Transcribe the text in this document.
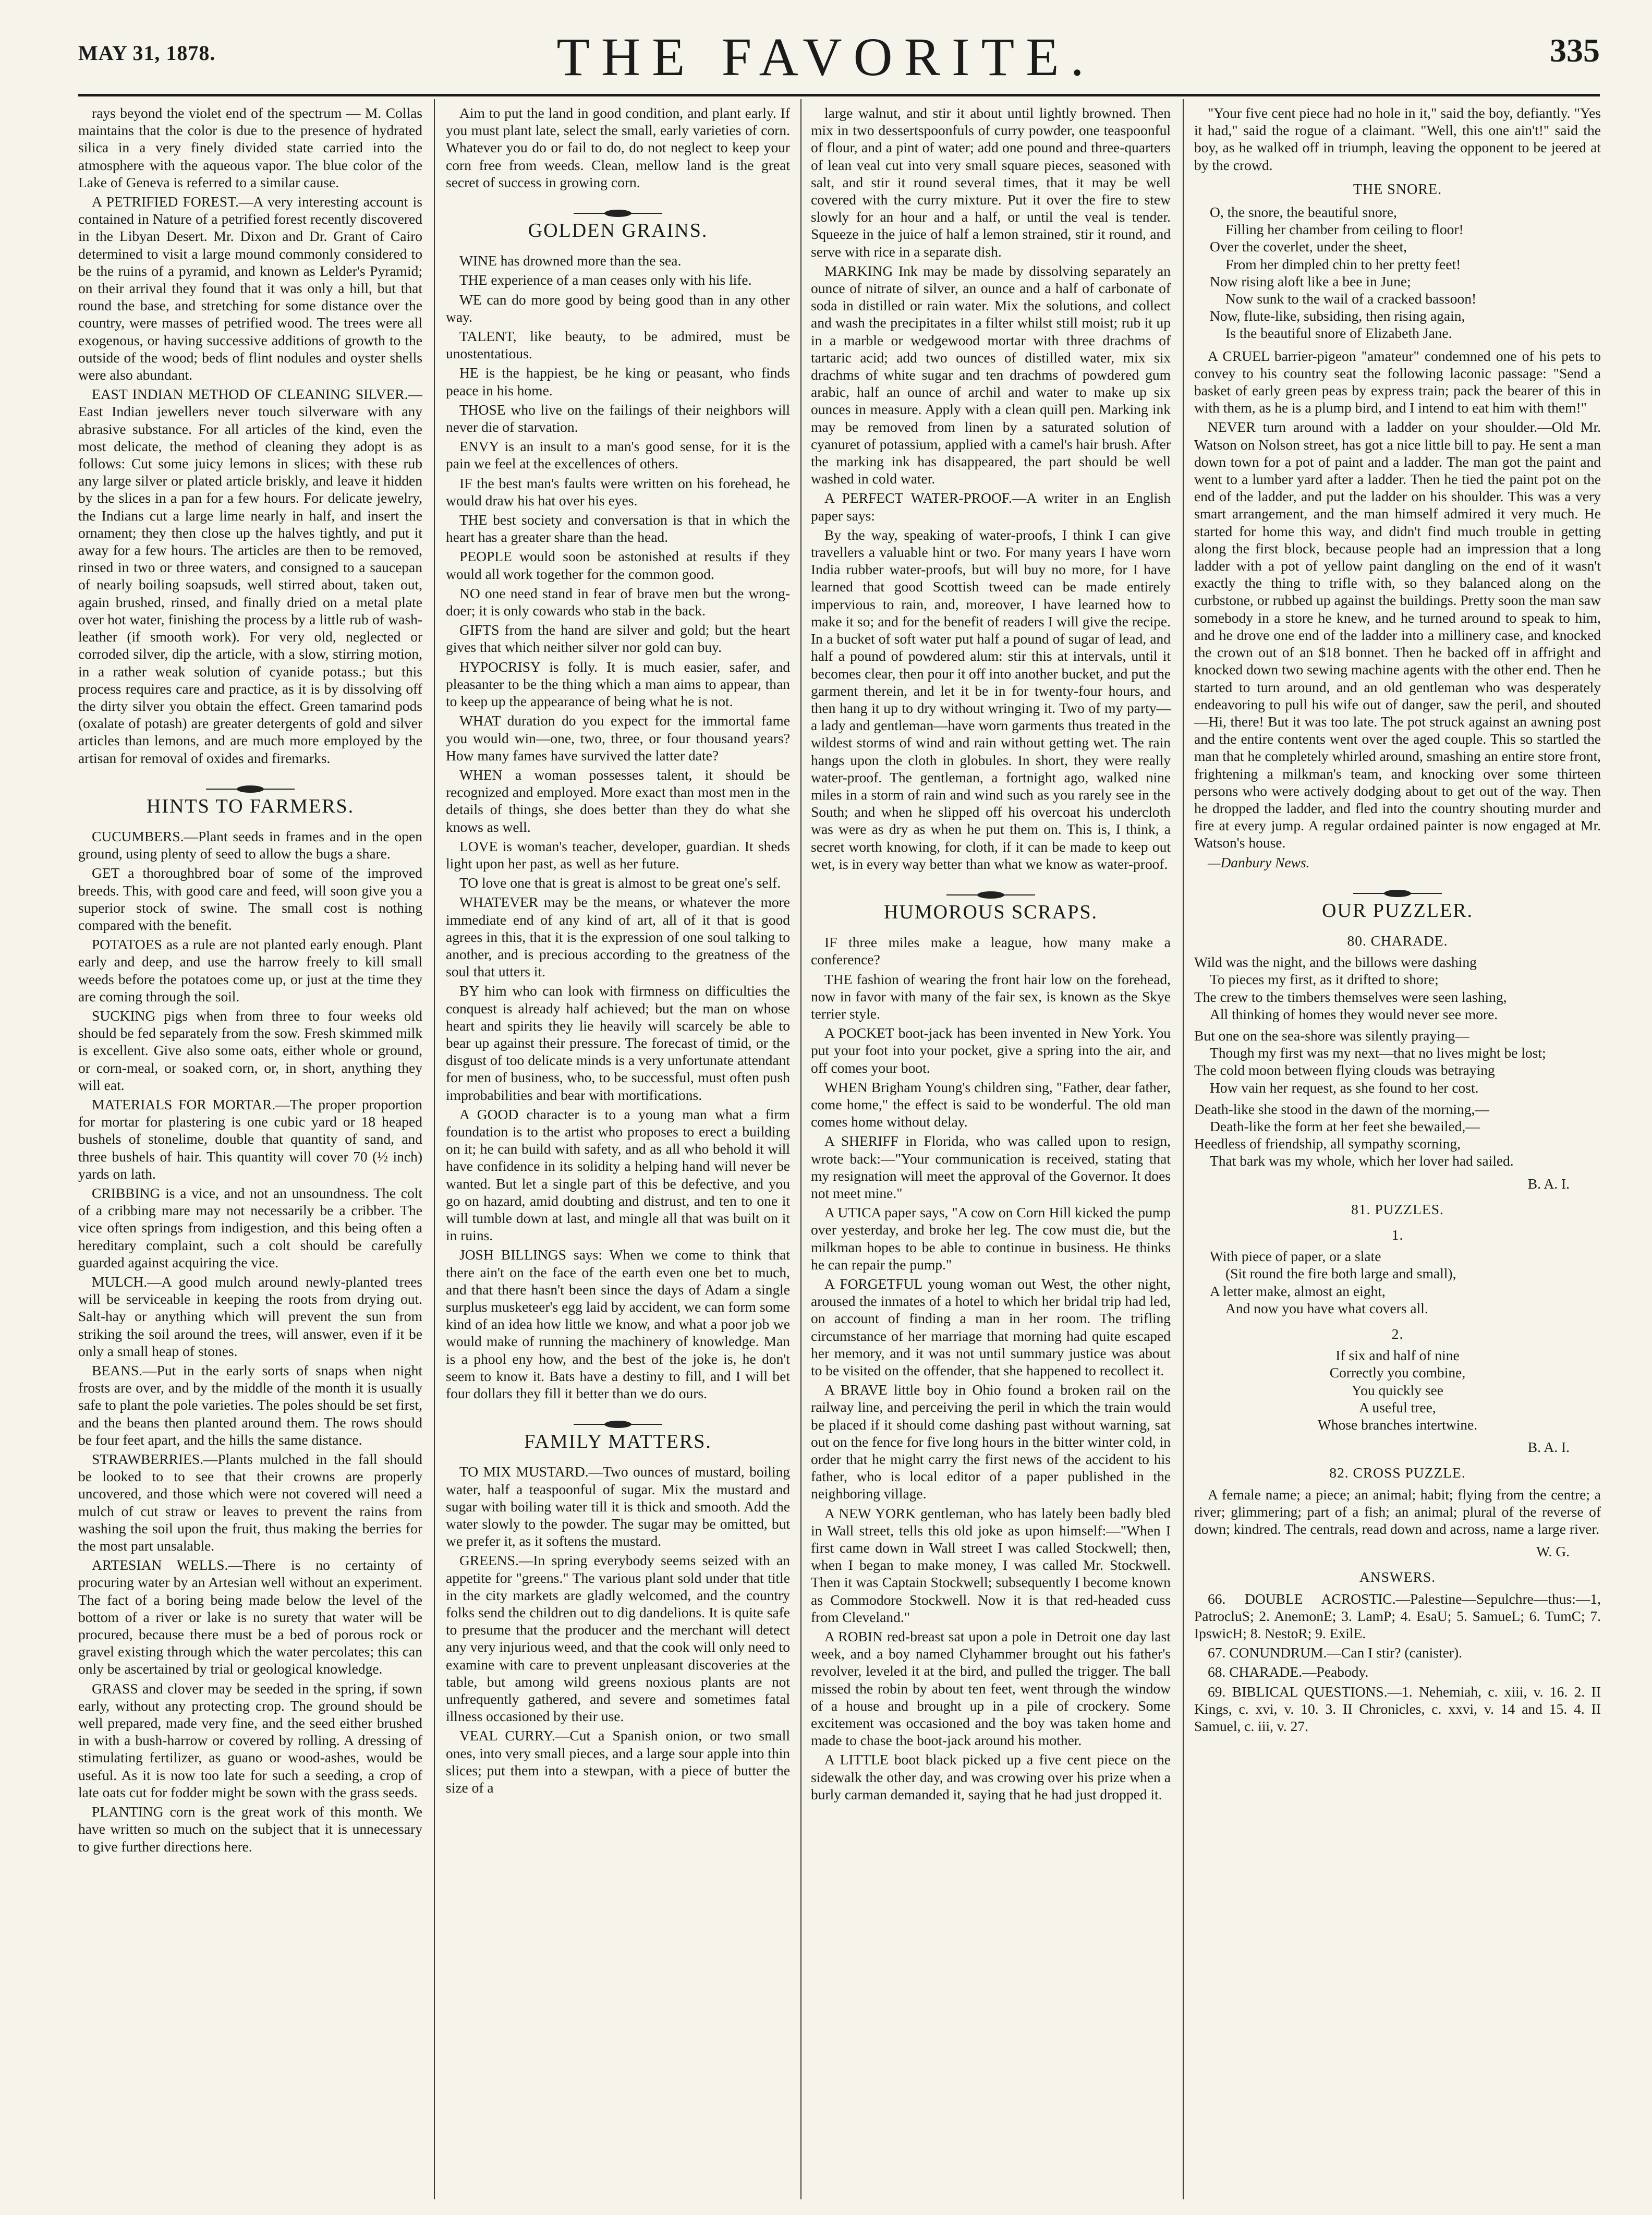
MAY 31, 1878.	THE FAVORITE.	335

rays beyond the violet end of the spectrum — M. Collas maintains that the color is due to the presence of hydrated silica in a very finely divided state carried into the atmosphere with the aqueous vapor. The blue color of the Lake of Geneva is referred to a similar cause.

A PETRIFIED FOREST.—A very interesting account is contained in Nature of a petrified forest recently discovered in the Libyan Desert. Mr. Dixon and Dr. Grant of Cairo determined to visit a large mound commonly considered to be the ruins of a pyramid, and known as Lelder's Pyramid; on their arrival they found that it was only a hill, but that round the base, and stretching for some distance over the country, were masses of petrified wood. The trees were all exogenous, or having successive additions of growth to the outside of the wood; beds of flint nodules and oyster shells were also abundant.

EAST INDIAN METHOD OF CLEANING SILVER.—East Indian jewellers never touch silverware with any abrasive substance. For all articles of the kind, even the most delicate, the method of cleaning they adopt is as follows: Cut some juicy lemons in slices; with these rub any large silver or plated article briskly, and leave it hidden by the slices in a pan for a few hours. For delicate jewelry, the Indians cut a large lime nearly in half, and insert the ornament; they then close up the halves tightly, and put it away for a few hours. The articles are then to be removed, rinsed in two or three waters, and consigned to a saucepan of nearly boiling soapsuds, well stirred about, taken out, again brushed, rinsed, and finally dried on a metal plate over hot water, finishing the process by a little rub of wash-leather (if smooth work). For very old, neglected or corroded silver, dip the article, with a slow, stirring motion, in a rather weak solution of cyanide potass.; but this process requires care and practice, as it is by dissolving off the dirty silver you obtain the effect. Green tamarind pods (oxalate of potash) are greater detergents of gold and silver articles than lemons, and are much more employed by the artisan for removal of oxides and firemarks.

HINTS TO FARMERS.

CUCUMBERS.—Plant seeds in frames and in the open ground, using plenty of seed to allow the bugs a share.

GET a thoroughbred boar of some of the improved breeds. This, with good care and feed, will soon give you a superior stock of swine. The small cost is nothing compared with the benefit.

POTATOES as a rule are not planted early enough. Plant early and deep, and use the harrow freely to kill small weeds before the potatoes come up, or just at the time they are coming through the soil.

SUCKING pigs when from three to four weeks old should be fed separately from the sow. Fresh skimmed milk is excellent. Give also some oats, either whole or ground, or corn-meal, or soaked corn, or, in short, anything they will eat.

MATERIALS FOR MORTAR.—The proper proportion for mortar for plastering is one cubic yard or 18 heaped bushels of stonelime, double that quantity of sand, and three bushels of hair. This quantity will cover 70 (½ inch) yards on lath.

CRIBBING is a vice, and not an unsoundness. The colt of a cribbing mare may not necessarily be a cribber. The vice often springs from indigestion, and this being often a hereditary complaint, such a colt should be carefully guarded against acquiring the vice.

MULCH.—A good mulch around newly-planted trees will be serviceable in keeping the roots from drying out. Salt-hay or anything which will prevent the sun from striking the soil around the trees, will answer, even if it be only a small heap of stones.

BEANS.—Put in the early sorts of snaps when night frosts are over, and by the middle of the month it is usually safe to plant the pole varieties. The poles should be set first, and the beans then planted around them. The rows should be four feet apart, and the hills the same distance.

STRAWBERRIES.—Plants mulched in the fall should be looked to to see that their crowns are properly uncovered, and those which were not covered will need a mulch of cut straw or leaves to prevent the rains from washing the soil upon the fruit, thus making the berries for the most part unsalable.

ARTESIAN WELLS.—There is no certainty of procuring water by an Artesian well without an experiment. The fact of a boring being made below the level of the bottom of a river or lake is no surety that water will be procured, because there must be a bed of porous rock or gravel existing through which the water percolates; this can only be ascertained by trial or geological knowledge.

GRASS and clover may be seeded in the spring, if sown early, without any protecting crop. The ground should be well prepared, made very fine, and the seed either brushed in with a bush-harrow or covered by rolling. A dressing of stimulating fertilizer, as guano or wood-ashes, would be useful. As it is now too late for such a seeding, a crop of late oats cut for fodder might be sown with the grass seeds.

PLANTING corn is the great work of this month. We have written so much on the subject that it is unnecessary to give further directions here.

Aim to put the land in good condition, and plant early. If you must plant late, select the small, early varieties of corn. Whatever you do or fail to do, do not neglect to keep your corn free from weeds. Clean, mellow land is the great secret of success in growing corn.

GOLDEN GRAINS.

WINE has drowned more than the sea.

THE experience of a man ceases only with his life.

WE can do more good by being good than in any other way.

TALENT, like beauty, to be admired, must be unostentatious.

HE is the happiest, be he king or peasant, who finds peace in his home.

THOSE who live on the failings of their neighbors will never die of starvation.

ENVY is an insult to a man's good sense, for it is the pain we feel at the excellences of others.

IF the best man's faults were written on his forehead, he would draw his hat over his eyes.

THE best society and conversation is that in which the heart has a greater share than the head.

PEOPLE would soon be astonished at results if they would all work together for the common good.

NO one need stand in fear of brave men but the wrong-doer; it is only cowards who stab in the back.

GIFTS from the hand are silver and gold; but the heart gives that which neither silver nor gold can buy.

HYPOCRISY is folly. It is much easier, safer, and pleasanter to be the thing which a man aims to appear, than to keep up the appearance of being what he is not.

WHAT duration do you expect for the immortal fame you would win—one, two, three, or four thousand years? How many fames have survived the latter date?

WHEN a woman possesses talent, it should be recognized and employed. More exact than most men in the details of things, she does better than they do what she knows as well.

LOVE is woman's teacher, developer, guardian. It sheds light upon her past, as well as her future.

TO love one that is great is almost to be great one's self.

WHATEVER may be the means, or whatever the more immediate end of any kind of art, all of it that is good agrees in this, that it is the expression of one soul talking to another, and is precious according to the greatness of the soul that utters it.

BY him who can look with firmness on difficulties the conquest is already half achieved; but the man on whose heart and spirits they lie heavily will scarcely be able to bear up against their pressure. The forecast of timid, or the disgust of too delicate minds is a very unfortunate attendant for men of business, who, to be successful, must often push improbabilities and bear with mortifications.

A GOOD character is to a young man what a firm foundation is to the artist who proposes to erect a building on it; he can build with safety, and as all who behold it will have confidence in its solidity a helping hand will never be wanted. But let a single part of this be defective, and you go on hazard, amid doubting and distrust, and ten to one it will tumble down at last, and mingle all that was built on it in ruins.

JOSH BILLINGS says: When we come to think that there ain't on the face of the earth even one bet to much, and that there hasn't been since the days of Adam a single surplus musketeer's egg laid by accident, we can form some kind of an idea how little we know, and what a poor job we would make of running the machinery of knowledge. Man is a phool eny how, and the best of the joke is, he don't seem to know it. Bats have a destiny to fill, and I will bet four dollars they fill it better than we do ours.

FAMILY MATTERS.

TO MIX MUSTARD.—Two ounces of mustard, boiling water, half a teaspoonful of sugar. Mix the mustard and sugar with boiling water till it is thick and smooth. Add the water slowly to the powder. The sugar may be omitted, but we prefer it, as it softens the mustard.

GREENS.—In spring everybody seems seized with an appetite for "greens." The various plant sold under that title in the city markets are gladly welcomed, and the country folks send the children out to dig dandelions. It is quite safe to presume that the producer and the merchant will detect any very injurious weed, and that the cook will only need to examine with care to prevent unpleasant discoveries at the table, but among wild greens noxious plants are not unfrequently gathered, and severe and sometimes fatal illness occasioned by their use.

VEAL CURRY.—Cut a Spanish onion, or two small ones, into very small pieces, and a large sour apple into thin slices; put them into a stewpan, with a piece of butter the size of a

large walnut, and stir it about until lightly browned. Then mix in two dessertspoonfuls of curry powder, one teaspoonful of flour, and a pint of water; add one pound and three-quarters of lean veal cut into very small square pieces, seasoned with salt, and stir it round several times, that it may be well covered with the curry mixture. Put it over the fire to stew slowly for an hour and a half, or until the veal is tender. Squeeze in the juice of half a lemon strained, stir it round, and serve with rice in a separate dish.

MARKING Ink may be made by dissolving separately an ounce of nitrate of silver, an ounce and a half of carbonate of soda in distilled or rain water. Mix the solutions, and collect and wash the precipitates in a filter whilst still moist; rub it up in a marble or wedgewood mortar with three drachms of tartaric acid; add two ounces of distilled water, mix six drachms of white sugar and ten drachms of powdered gum arabic, half an ounce of archil and water to make up six ounces in measure. Apply with a clean quill pen. Marking ink may be removed from linen by a saturated solution of cyanuret of potassium, applied with a camel's hair brush. After the marking ink has disappeared, the part should be well washed in cold water.

A PERFECT WATER-PROOF.—A writer in an English paper says:

By the way, speaking of water-proofs, I think I can give travellers a valuable hint or two. For many years I have worn India rubber water-proofs, but will buy no more, for I have learned that good Scottish tweed can be made entirely impervious to rain, and, moreover, I have learned how to make it so; and for the benefit of readers I will give the recipe. In a bucket of soft water put half a pound of sugar of lead, and half a pound of powdered alum: stir this at intervals, until it becomes clear, then pour it off into another bucket, and put the garment therein, and let it be in for twenty-four hours, and then hang it up to dry without wringing it. Two of my party—a lady and gentleman—have worn garments thus treated in the wildest storms of wind and rain without getting wet. The rain hangs upon the cloth in globules. In short, they were really water-proof. The gentleman, a fortnight ago, walked nine miles in a storm of rain and wind such as you rarely see in the South; and when he slipped off his overcoat his undercloth was were as dry as when he put them on. This is, I think, a secret worth knowing, for cloth, if it can be made to keep out wet, is in every way better than what we know as water-proof.

HUMOROUS SCRAPS.

IF three miles make a league, how many make a conference?

THE fashion of wearing the front hair low on the forehead, now in favor with many of the fair sex, is known as the Skye terrier style.

A POCKET boot-jack has been invented in New York. You put your foot into your pocket, give a spring into the air, and off comes your boot.

WHEN Brigham Young's children sing, "Father, dear father, come home," the effect is said to be wonderful. The old man comes home without delay.

A SHERIFF in Florida, who was called upon to resign, wrote back:—"Your communication is received, stating that my resignation will meet the approval of the Governor. It does not meet mine."

A UTICA paper says, "A cow on Corn Hill kicked the pump over yesterday, and broke her leg. The cow must die, but the milkman hopes to be able to continue in business. He thinks he can repair the pump."

A FORGETFUL young woman out West, the other night, aroused the inmates of a hotel to which her bridal trip had led, on account of finding a man in her room. The trifling circumstance of her marriage that morning had quite escaped her memory, and it was not until summary justice was about to be visited on the offender, that she happened to recollect it.

A BRAVE little boy in Ohio found a broken rail on the railway line, and perceiving the peril in which the train would be placed if it should come dashing past without warning, sat out on the fence for five long hours in the bitter winter cold, in order that he might carry the first news of the accident to his father, who is local editor of a paper published in the neighboring village.

A NEW YORK gentleman, who has lately been badly bled in Wall street, tells this old joke as upon himself:—"When I first came down in Wall street I was called Stockwell; then, when I began to make money, I was called Mr. Stockwell. Then it was Captain Stockwell; subsequently I become known as Commodore Stockwell. Now it is that red-headed cuss from Cleveland."

A ROBIN red-breast sat upon a pole in Detroit one day last week, and a boy named Clyhammer brought out his father's revolver, leveled it at the bird, and pulled the trigger. The ball missed the robin by about ten feet, went through the window of a house and brought up in a pile of crockery. Some excitement was occasioned and the boy was taken home and made to chase the boot-jack around his mother.

A LITTLE boot black picked up a five cent piece on the sidewalk the other day, and was crowing over his prize when a burly carman demanded it, saying that he had just dropped it.

"Your five cent piece had no hole in it," said the boy, defiantly. "Yes it had," said the rogue of a claimant. "Well, this one ain't!" said the boy, as he walked off in triumph, leaving the opponent to be jeered at by the crowd.

THE SNORE.
O, the snore, the beautiful snore,
Filling her chamber from ceiling to floor!
Over the coverlet, under the sheet,
From her dimpled chin to her pretty feet!
Now rising aloft like a bee in June;
Now sunk to the wail of a cracked bassoon!
Now, flute-like, subsiding, then rising again,
Is the beautiful snore of Elizabeth Jane.

A CRUEL barrier-pigeon "amateur" condemned one of his pets to convey to his country seat the following laconic passage: "Send a basket of early green peas by express train; pack the bearer of this in with them, as he is a plump bird, and I intend to eat him with them!"

NEVER turn around with a ladder on your shoulder.—Old Mr. Watson on Nolson street, has got a nice little bill to pay. He sent a man down town for a pot of paint and a ladder. The man got the paint and went to a lumber yard after a ladder. Then he tied the paint pot on the end of the ladder, and put the ladder on his shoulder. This was a very smart arrangement, and the man himself admired it very much. He started for home this way, and didn't find much trouble in getting along the first block, because people had an impression that a long ladder with a pot of yellow paint dangling on the end of it wasn't exactly the thing to trifle with, so they balanced along on the curbstone, or rubbed up against the buildings. Pretty soon the man saw somebody in a store he knew, and he turned around to speak to him, and he drove one end of the ladder into a millinery case, and knocked the crown out of an $18 bonnet. Then he backed off in affright and knocked down two sewing machine agents with the other end. Then he started to turn around, and an old gentleman who was desperately endeavoring to pull his wife out of danger, saw the peril, and shouted—Hi, there! But it was too late. The pot struck against an awning post and the entire contents went over the aged couple. This so startled the man that he completely whirled around, smashing an entire store front, frightening a milkman's team, and knocking over some thirteen persons who were actively dodging about to get out of the way. Then he dropped the ladder, and fled into the country shouting murder and fire at every jump. A regular ordained painter is now engaged at Mr. Watson's house.

—Danbury News.

OUR PUZZLER.
80. CHARADE.
Wild was the night, and the billows were dashing
To pieces my first, as it drifted to shore;
The crew to the timbers themselves were seen lashing,
All thinking of homes they would never see more.
But one on the sea-shore was silently praying—
Though my first was my next—that no lives might be lost;
The cold moon between flying clouds was betraying
How vain her request, as she found to her cost.
Death-like she stood in the dawn of the morning,—
Death-like the form at her feet she bewailed,—
Heedless of friendship, all sympathy scorning,
That bark was my whole, which her lover had sailed.
B. A. I.
81. PUZZLES.
1.
With piece of paper, or a slate
(Sit round the fire both large and small),
A letter make, almost an eight,
And now you have what covers all.
2.
If six and half of nine
Correctly you combine,
You quickly see
A useful tree,
Whose branches intertwine.
B. A. I.
82. CROSS PUZZLE.

A female name; a piece; an animal; habit; flying from the centre; a river; glimmering; part of a fish; an animal; plural of the reverse of down; kindred. The centrals, read down and across, name a large river.

W. G.
ANSWERS.

66. DOUBLE ACROSTIC.—Palestine—Sepulchre—thus:—1, PatrocluS; 2. AnemonE; 3. LamP; 4. EsaU; 5. SamueL; 6. TumC; 7. IpswicH; 8. NestoR; 9. ExilE.

67. CONUNDRUM.—Can I stir? (canister).

68. CHARADE.—Peabody.

69. BIBLICAL QUESTIONS.—1. Nehemiah, c. xiii, v. 16. 2. II Kings, c. xvi, v. 10. 3. II Chronicles, c. xxvi, v. 14 and 15. 4. II Samuel, c. iii, v. 27.
